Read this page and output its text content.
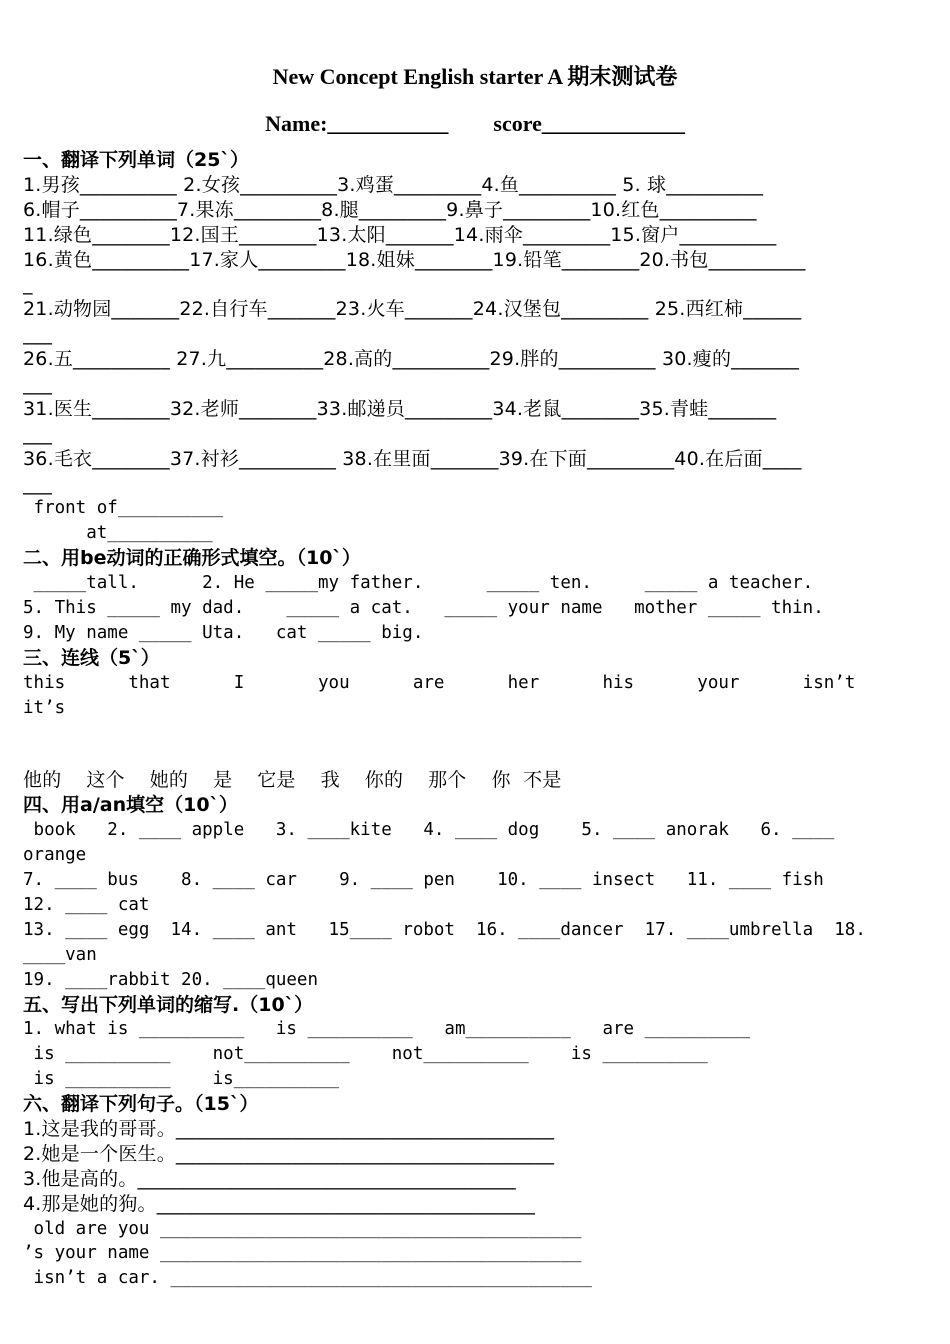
New Concept English starter A 期末测试卷
Name:___________ score_____________
一、翻译下列单词（25`）
1.男孩__________ 2.女孩__________3.鸡蛋_________4.鱼__________ 5. 球__________
6.帽子__________7.果冻_________8.腿_________9.鼻子_________10.红色__________
11.绿色________12.国王________13.太阳_______14.雨伞_________15.窗户__________
16.黄色__________17.家人_________18.姐妹________19.铅笔________20.书包__________
_
21.动物园_______22.自行车_______23.火车_______24.汉堡包_________ 25.西红柿______
___
26.五__________ 27.九__________28.高的__________29.胖的__________ 30.瘦的_______
___
31.医生________32.老师________33.邮递员_________34.老鼠________35.青蛙_______
___
36.毛衣________37.衬衫__________ 38.在里面_______39.在下面_________40.在后面____
___
front of__________
at__________
二、用be动词的正确形式填空。（10`）
_____tall.      2. He _____my father.      _____ ten.     _____ a teacher.
5. This _____ my dad.    _____ a cat.   _____ your name   mother _____ thin.
9. My name _____ Uta.   cat _____ big.
三、连线（5`）
this      that      I       you      are      her      his      your      isn’t
it’s
他的    这个    她的    是    它是    我    你的    那个    你  不是
四、用a/an填空（10`）
book   2. ____ apple   3. ____kite   4. ____ dog    5. ____ anorak   6. ____
orange
7. ____ bus    8. ____ car    9. ____ pen    10. ____ insect   11. ____ fish
12. ____ cat
13. ____ egg  14. ____ ant   15____ robot  16. ____dancer  17. ____umbrella  18.
____van
19. ____rabbit 20. ____queen
五、写出下列单词的缩写.（10`）
1. what is __________   is __________   am__________   are __________
is __________    not__________    not__________    is __________
is __________    is__________
六、翻译下列句子。（15`）
1.这是我的哥哥。_______________________________________
2.她是一个医生。_______________________________________
3.他是高的。_______________________________________
4.那是她的狗。_______________________________________
old are you ________________________________________
’s your name ________________________________________
isn’t a car. ________________________________________
